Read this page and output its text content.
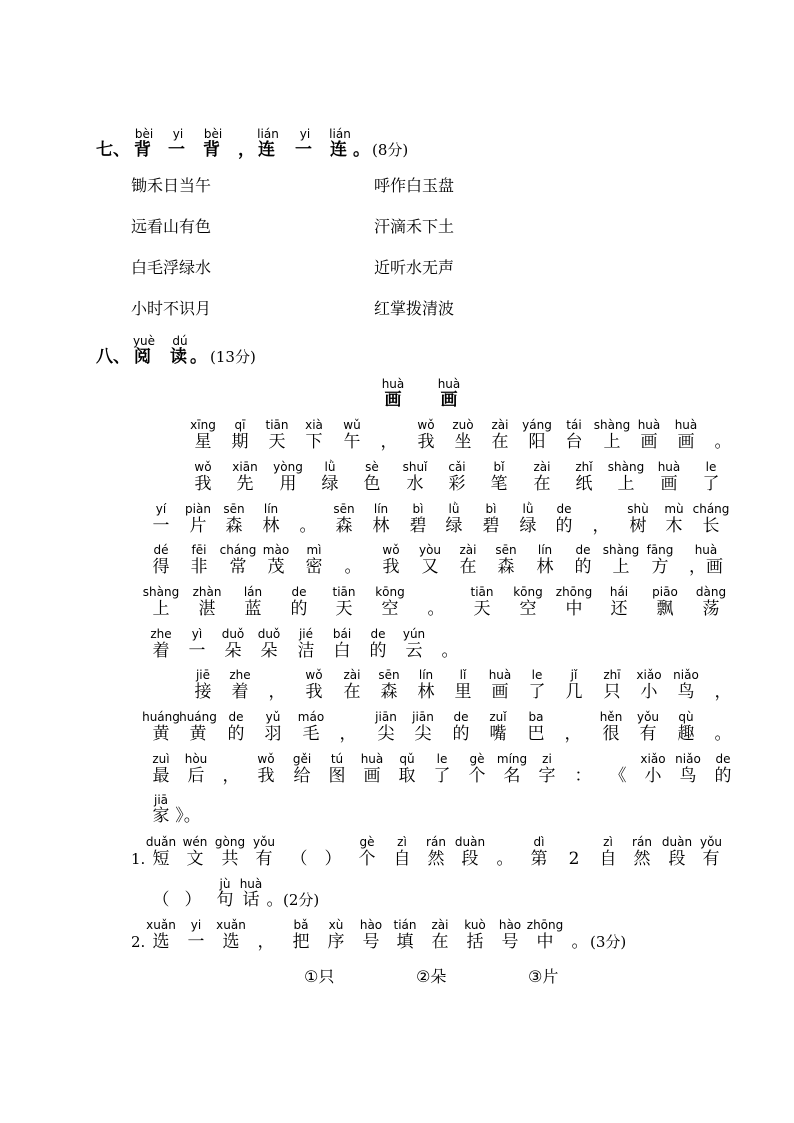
七、 背
bèi
一
yi
背
bèi
， 连
lián
一
yi
连
lián
。 (8分)
锄禾日当午
远看山有色
白毛浮绿水
小时不识月
呼作白玉盘
汗滴禾下土
近听水无声
红掌拨清波
八、 阅
yuè
读
dú
。 (13分)
画
huà
画
huà
星
xīng
期
qī
天
tiān
下
xià
午
wǔ
， 我
wǒ
坐
zuò
在
zài
阳
yáng
台
tái
上
shàng
画
huà
画
huà
。
我
wǒ
先
xiān
用
yòng
绿
lǜ
色
sè
水
shuǐ
彩
cǎi
笔
bǐ
在
zài
纸
zhǐ
上
shàng
画
huà
了
le
一
yí
片
piàn
森
sēn
林
lín
。 森
sēn
林
lín
碧
bì
绿
lǜ
碧
bì
绿
lǜ
的
de
， 树
shù
木
mù
长
cháng
得
dé
非
fēi
常
cháng
茂
mào
密
mì
。 我
wǒ
又
yòu
在
zài
森
sēn
林
lín
的
de
上
shàng
方
fāng
，画
huà
上
shàng
湛
zhàn
蓝
lán
的
de
天
tiān
空
kōng
。 天
tiān
空
kōng
中
zhōng
还
hái
飘
piāo
荡
dàng
着
zhe
一
yì
朵
duǒ
朵
duǒ
洁
jié
白
bái
的
de
云
yún
。
接
jiē
着
zhe
， 我
wǒ
在
zài
森
sēn
林
lín
里
lǐ
画
huà
了
le
几
jǐ
只
zhī
小
xiǎo
鸟
niǎo
，
黄
huáng
黄
huáng
的
de
羽
yǔ
毛
máo
， 尖
jiān
尖
jiān
的
de
嘴
zuǐ
巴
ba
， 很
hěn
有
yǒu
趣
qù
。
最
zuì
后
hòu
， 我
wǒ
给
gěi
图
tú
画
huà
取
qǔ
了
le
个
gè
名
míng
字
zi
： 《 小
xiǎo
鸟
niǎo
的
de
家
jiā
》。
1. 短
duǎn
文
wén
共
gòng
有
yǒu
（ ） 个
gè
自
zì
然
rán
段
duàn
。 第
dì
2 自
zì
然
rán
段
duàn
有
yǒu
（ ） 句
jù
话
huà
。 (2分)
2. 选
xuǎn
一
yi
选
xuǎn
， 把
bǎ
序
xù
号
hào
填
tián
在
zài
括
kuò
号
hào
中
zhōng
。 (3分)
①只	②朵	③片
